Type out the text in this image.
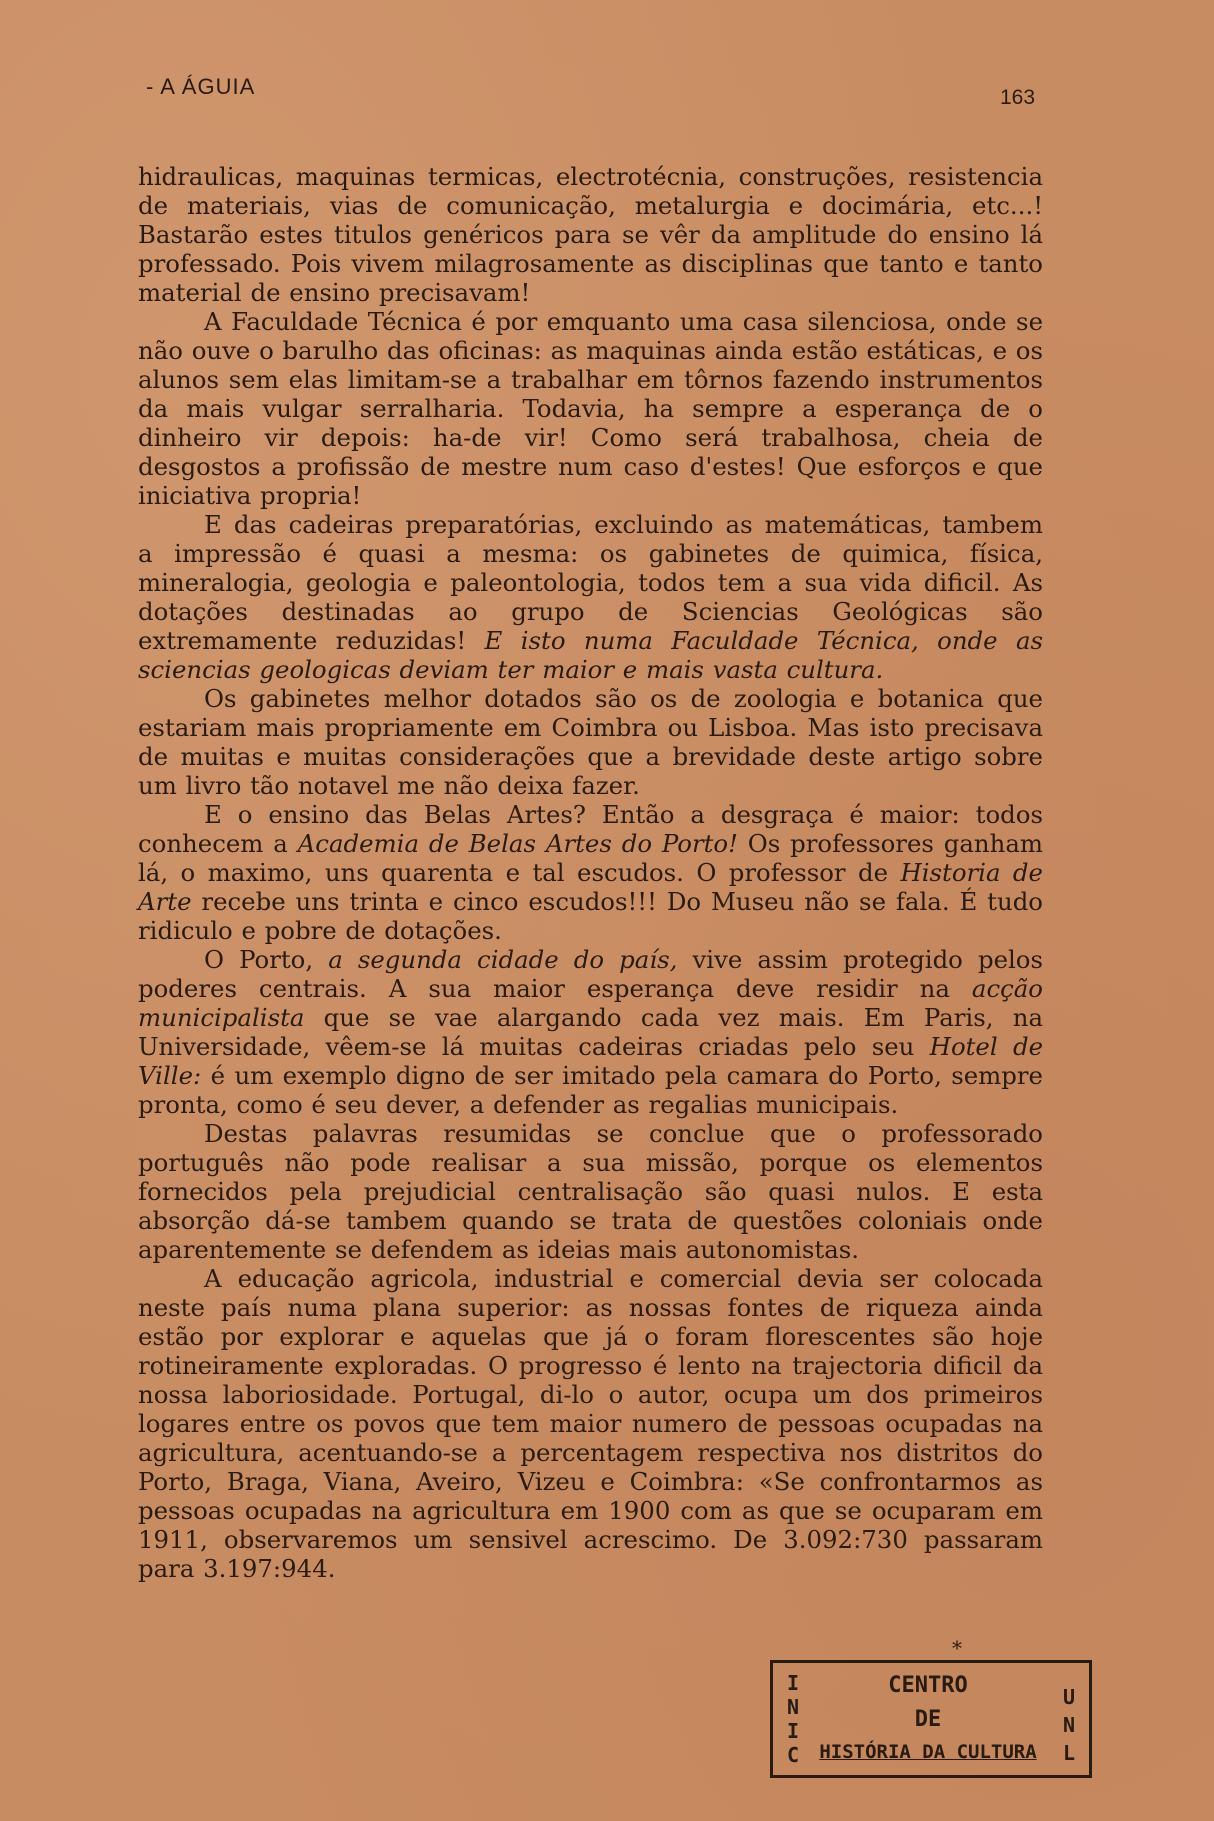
- A ÁGUIA	163

hidraulicas, maquinas termicas, electrotécnia, construções, resistencia de materiais, vias de comunicação, metalurgia e docimária, etc...! Bastarão estes titulos genéricos para se vêr da amplitude do ensino lá professado. Pois vivem milagrosamente as disciplinas que tanto e tanto material de ensino precisavam!

A Faculdade Técnica é por emquanto uma casa silenciosa, onde se não ouve o barulho das oficinas: as maquinas ainda estão estáticas, e os alunos sem elas limitam-se a trabalhar em tôrnos fazendo instrumentos da mais vulgar serralharia. Todavia, ha sempre a esperança de o dinheiro vir depois: ha-de vir! Como será trabalhosa, cheia de desgostos a profissão de mestre num caso d'estes! Que esforços e que iniciativa propria!

E das cadeiras preparatórias, excluindo as matemáticas, tambem a impressão é quasi a mesma: os gabinetes de quimica, física, mineralogia, geologia e paleontologia, todos tem a sua vida dificil. As dotações destinadas ao grupo de Sciencias Geológicas são extremamente reduzidas! E isto numa Faculdade Técnica, onde as sciencias geologicas deviam ter maior e mais vasta cultura.

Os gabinetes melhor dotados são os de zoologia e botanica que estariam mais propriamente em Coimbra ou Lisboa. Mas isto precisava de muitas e muitas considerações que a brevidade deste artigo sobre um livro tão notavel me não deixa fazer.

E o ensino das Belas Artes? Então a desgraça é maior: todos conhecem a Academia de Belas Artes do Porto! Os professores ganham lá, o maximo, uns quarenta e tal escudos. O professor de Historia de Arte recebe uns trinta e cinco escudos!!! Do Museu não se fala. É tudo ridiculo e pobre de dotações.

O Porto, a segunda cidade do país, vive assim protegido pelos poderes centrais. A sua maior esperança deve residir na acção municipalista que se vae alargando cada vez mais. Em Paris, na Universidade, vêem-se lá muitas cadeiras criadas pelo seu Hotel de Ville: é um exemplo digno de ser imitado pela camara do Porto, sempre pronta, como é seu dever, a defender as regalias municipais.

Destas palavras resumidas se conclue que o professorado português não pode realisar a sua missão, porque os elementos fornecidos pela prejudicial centralisação são quasi nulos. E esta absorção dá-se tambem quando se trata de questões coloniais onde aparentemente se defendem as ideias mais autonomistas.

A educação agricola, industrial e comercial devia ser colocada neste país numa plana superior: as nossas fontes de riqueza ainda estão por explorar e aquelas que já o foram florescentes são hoje rotineiramente exploradas. O progresso é lento na trajectoria dificil da nossa laboriosidade. Portugal, di-lo o autor, ocupa um dos primeiros logares entre os povos que tem maior numero de pessoas ocupadas na agricultura, acentuando-se a percentagem respectiva nos distritos do Porto, Braga, Viana, Aveiro, Vizeu e Coimbra: «Se confrontarmos as pessoas ocupadas na agricultura em 1900 com as que se ocuparam em 1911, observaremos um sensivel acrescimo. De 3.092:730 passaram para 3.197:944.

*
I
N
I
C
CENTRO
DE
HISTÓRIA DA CULTURA
U
N
L
